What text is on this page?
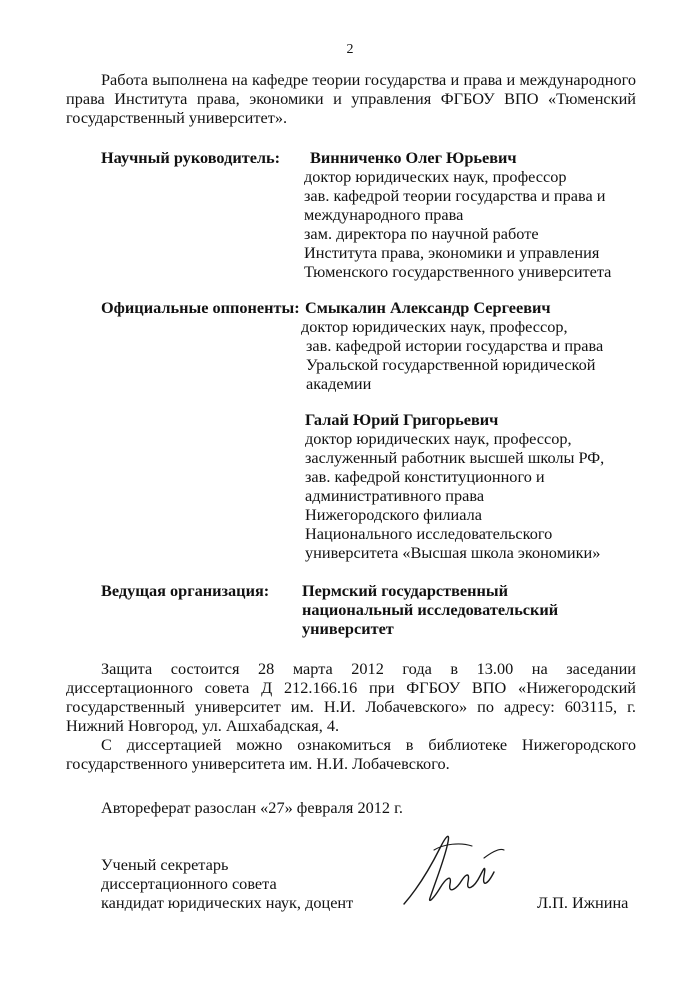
2
Работа выполнена на кафедре теории государства и права и международного права Института права, экономики и управления ФГБОУ ВПО «Тюменский государственный университет».
Научный руководитель: Винниченко Олег Юрьевич
доктор юридических наук, профессор
зав. кафедрой теории государства и права и
международного права
зам. директора по научной работе
Института права, экономики и управления
Тюменского государственного университета
Официальные оппоненты: Смыкалин Александр Сергеевич
доктор юридических наук, профессор,
зав. кафедрой истории государства и права
Уральской государственной юридической
академии
Галай Юрий Григорьевич
доктор юридических наук, профессор,
заслуженный работник высшей школы РФ,
зав. кафедрой конституционного и
административного права
Нижегородского филиала
Национального исследовательского
университета «Высшая школа экономики»
Ведущая организация: Пермский государственный
национальный исследовательский
университет
Защита состоится 28 марта 2012 года в 13.00 на заседании диссертационного совета Д 212.166.16 при ФГБОУ ВПО «Нижегородский государственный университет им. Н.И. Лобачевского» по адресу: 603115, г. Нижний Новгород, ул. Ашхабадская, 4.
С диссертацией можно ознакомиться в библиотеке Нижегородского государственного университета им. Н.И. Лобачевского.
Автореферат разослан «27» февраля 2012 г.
Ученый секретарь
диссертационного совета
кандидат юридических наук, доцент	Л.П. Ижнина
